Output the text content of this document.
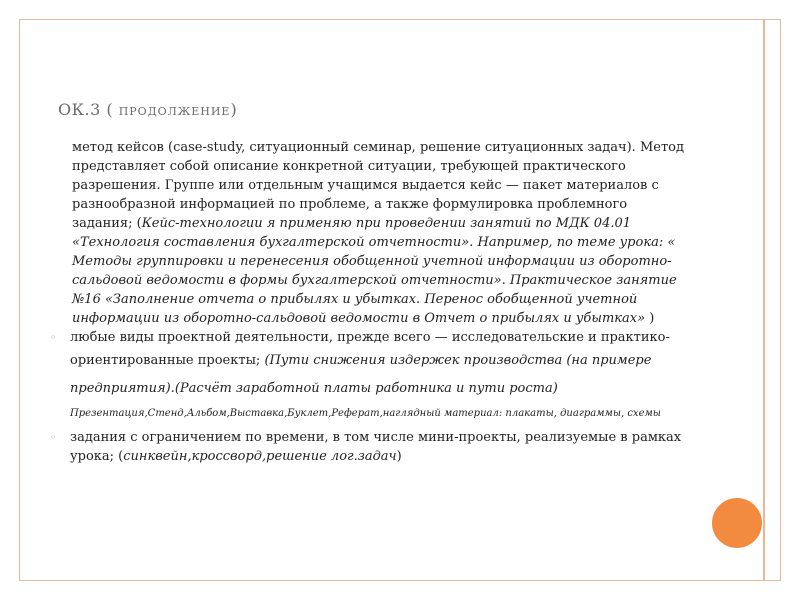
ОК.3 ( ПРОДОЛЖЕНИЕ)

метод кейсов (case-study, ситуационный семинар, решение ситуационных задач). Метод представляет собой описание конкретной ситуации, требующей практического разрешения. Группе или отдельным учащимся выдается кейс — пакет материалов с разнообразной информацией по проблеме, а также формулировка проблемного задания; (Кейс-технологии я применяю при проведении занятий по МДК 04.01 «Технология составления бухгалтерской отчетности». Например, по теме урока: « Методы группировки и перенесения обобщенной учетной информации из оборотно-сальдовой ведомости в формы бухгалтерской отчетности». Практическое занятие №16 «Заполнение отчета о прибылях и убытках. Перенос обобщенной учетной информации из оборотно-сальдовой ведомости в Отчет о прибылях и убытках» )

◦ любые виды проектной деятельности, прежде всего — исследовательские и практико-ориентированные проекты; (Пути снижения издержек производства (на примере предприятия).(Расчёт заработной платы работника и пути роста)
Презентация,Стенд,Альбом,Выставка,Буклет,Реферат,наглядный материал: плакаты, диаграммы, схемы
◦ задания с ограничением по времени, в том числе мини-проекты, реализуемые в рамках урока; (синквейн,кроссворд,решение лог.задач)
